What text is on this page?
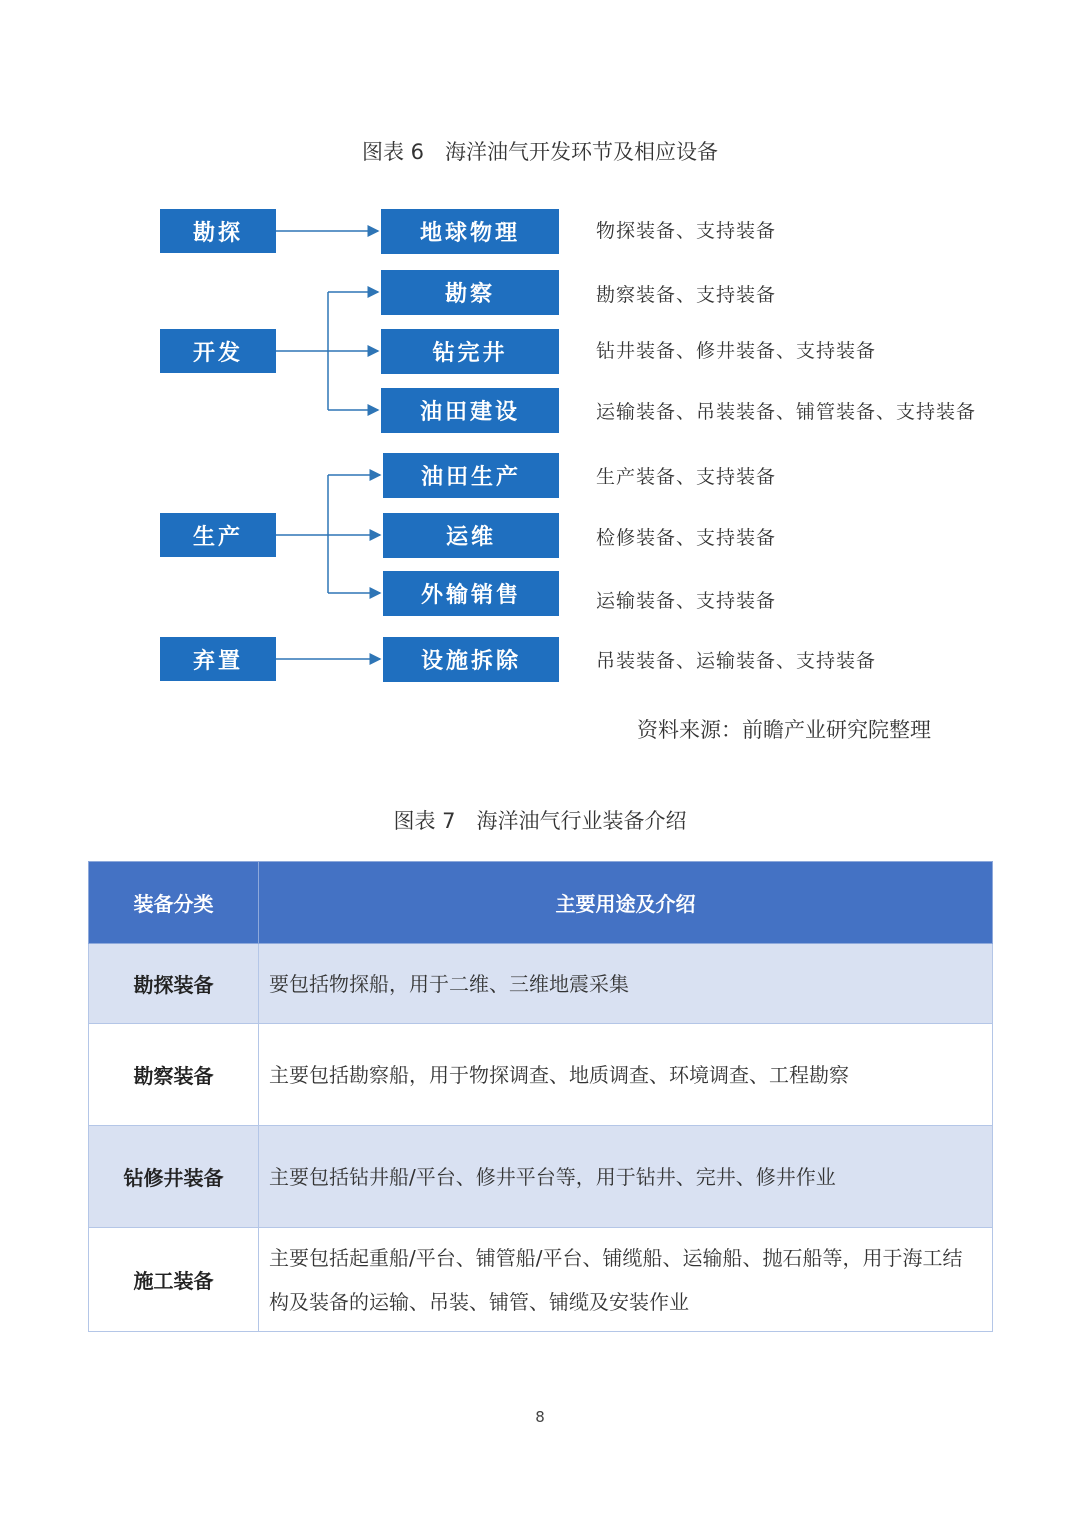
图表 6　海洋油气开发环节及相应设备
勘探
开发
生产
弃置
地球物理
勘察
钻完井
油田建设
油田生产
运维
外输销售
设施拆除
物探装备、支持装备
勘察装备、支持装备
钻井装备、修井装备、支持装备
运输装备、吊装装备、铺管装备、支持装备
生产装备、支持装备
检修装备、支持装备
运输装备、支持装备
吊装装备、运输装备、支持装备
资料来源：前瞻产业研究院整理
图表 7　海洋油气行业装备介绍
装备分类	主要用途及介绍
勘探装备	要包括物探船，用于二维、三维地震采集
勘察装备	主要包括勘察船，用于物探调查、地质调查、环境调查、工程勘察
钻修井装备	主要包括钻井船/平台、修井平台等，用于钻井、完井、修井作业
施工装备	主要包括起重船/平台、铺管船/平台、铺缆船、运输船、抛石船等，用于海工结构及装备的运输、吊装、铺管、铺缆及安装作业
8
